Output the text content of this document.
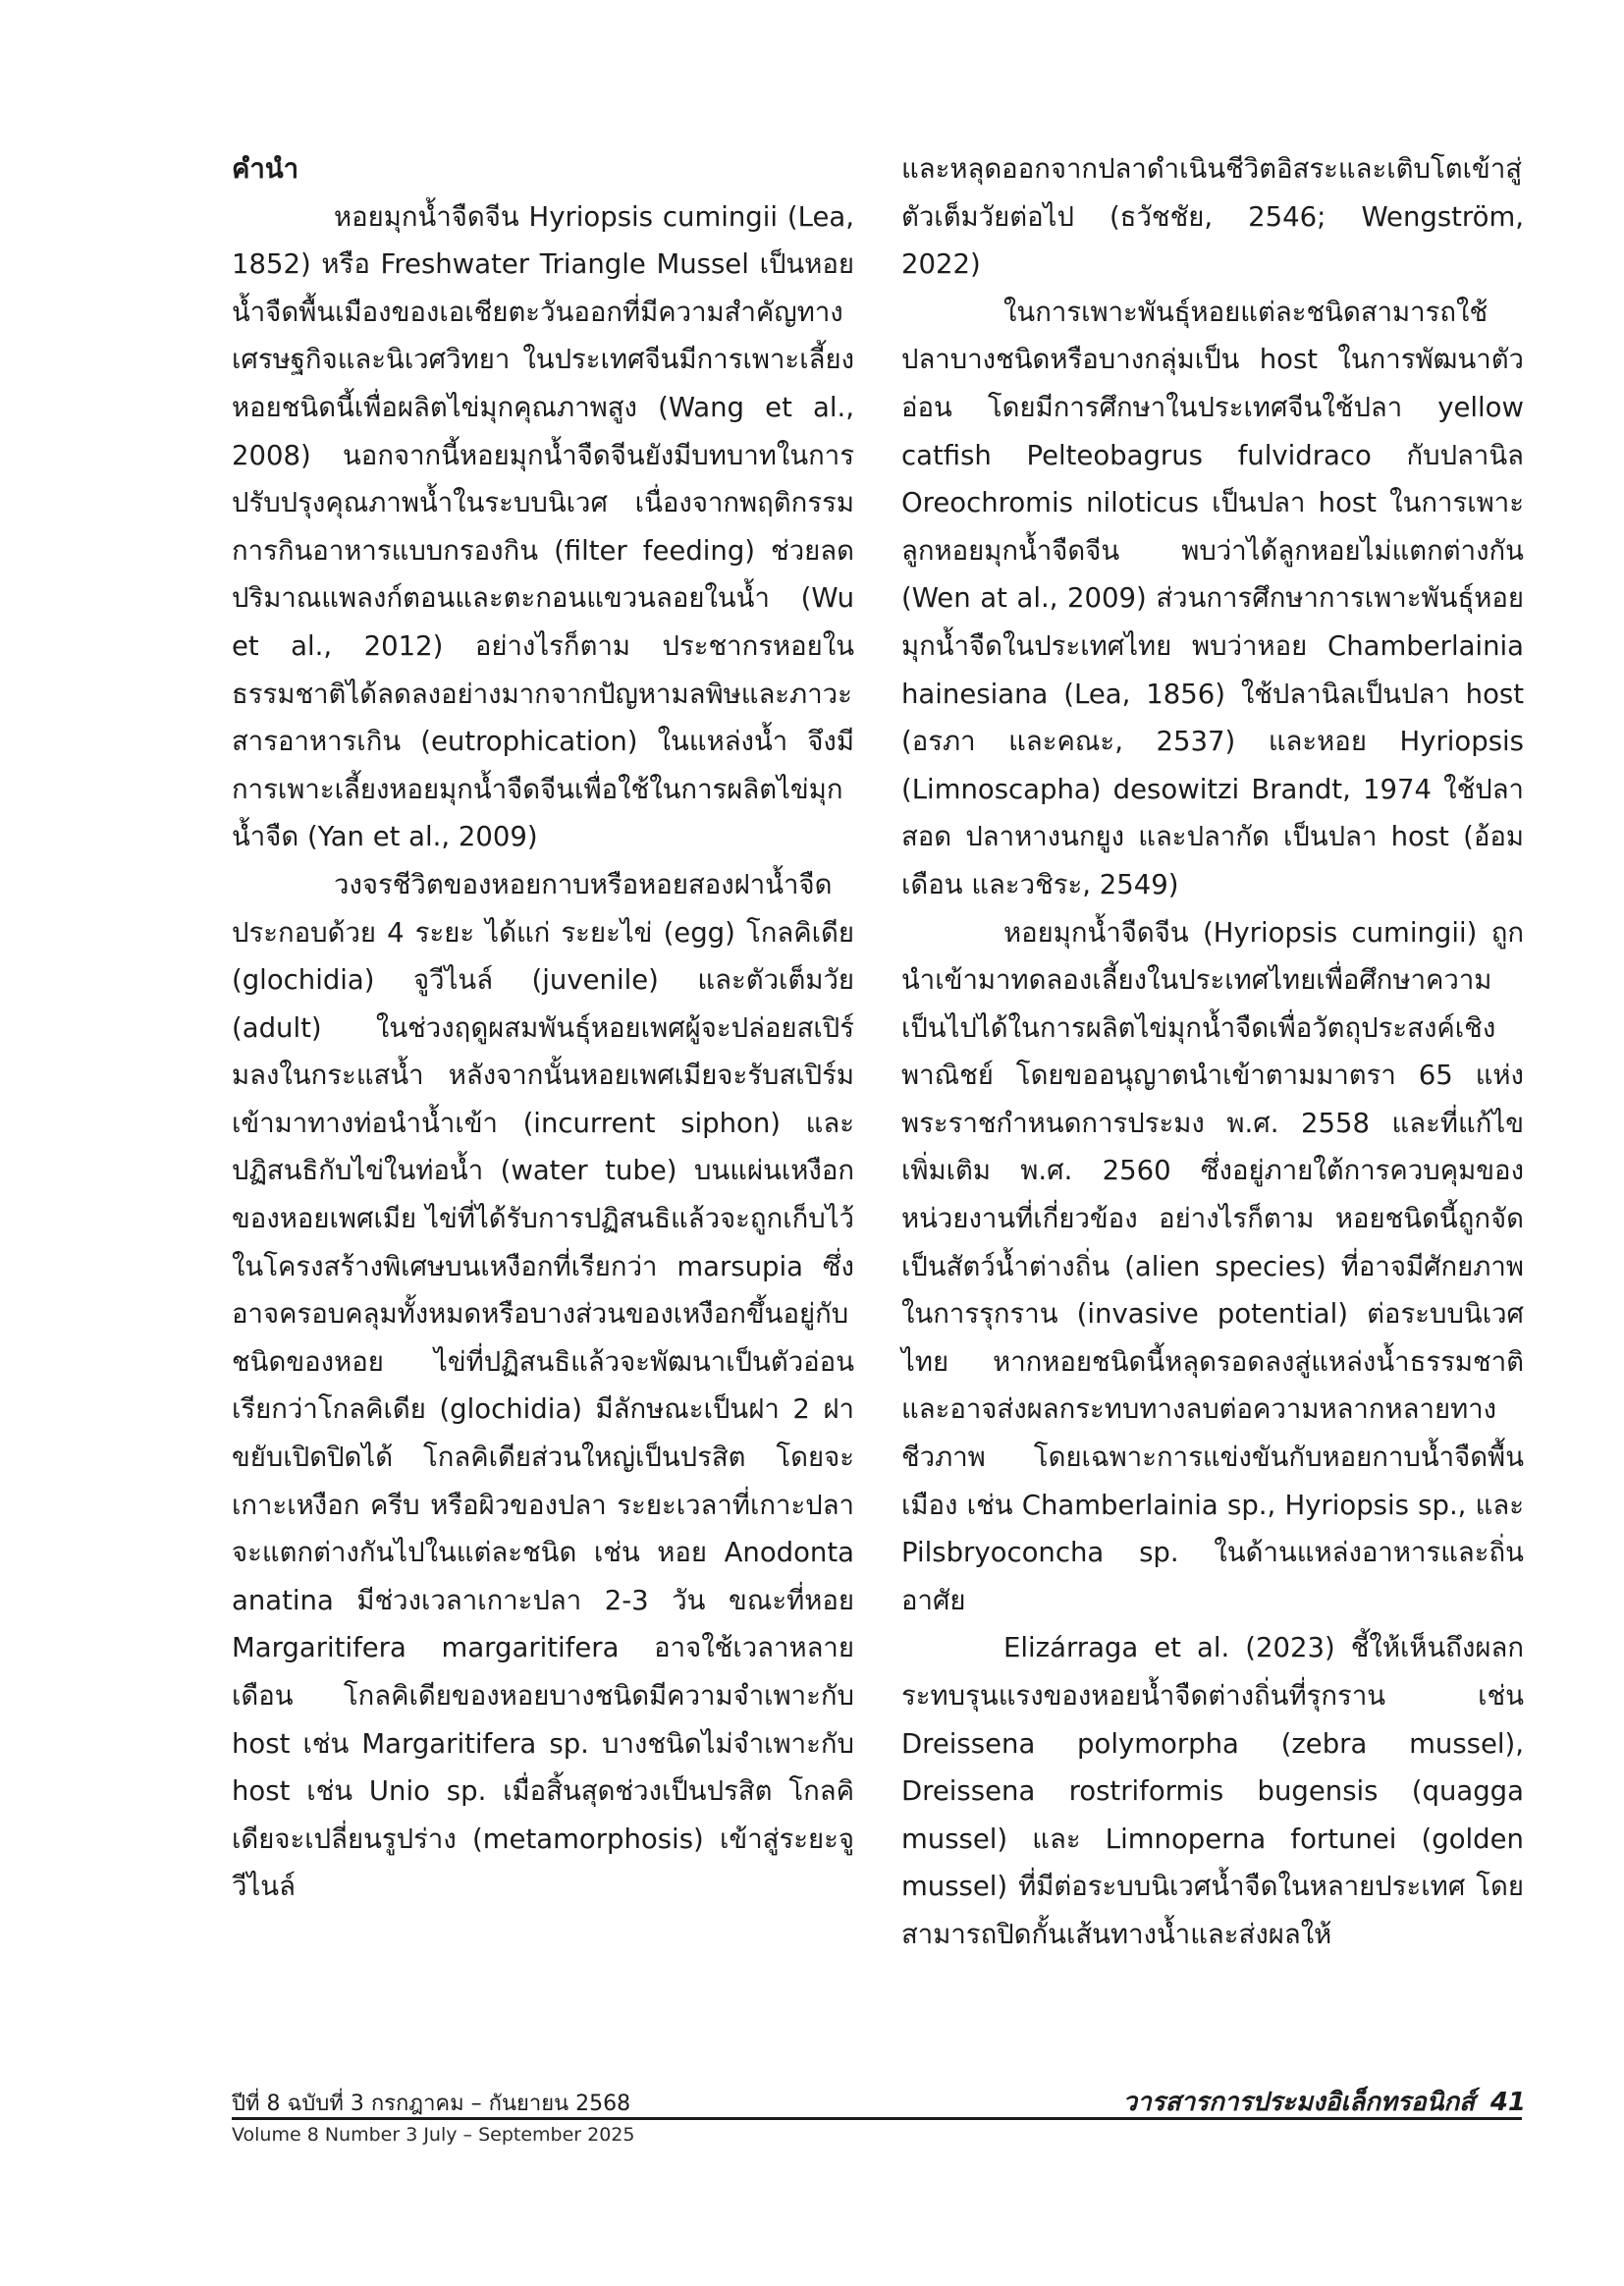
คำนำ

หอยมุกน้ำจืดจีน Hyriopsis cumingii (Lea, 1852) หรือ Freshwater Triangle Mussel เป็นหอยน้ำจืดพื้นเมืองของเอเชียตะวันออกที่มีความสำคัญทางเศรษฐกิจและนิเวศวิทยา ในประเทศจีนมีการเพาะเลี้ยงหอยชนิดนี้เพื่อผลิตไข่มุกคุณภาพสูง (Wang et al., 2008) นอกจากนี้หอยมุกน้ำจืดจีนยังมีบทบาทในการปรับปรุงคุณภาพน้ำในระบบนิเวศ เนื่องจากพฤติกรรมการกินอาหารแบบกรองกิน (filter feeding) ช่วยลดปริมาณแพลงก์ตอนและตะกอนแขวนลอยในน้ำ (Wu et al., 2012) อย่างไรก็ตาม ประชากรหอยในธรรมชาติได้ลดลงอย่างมากจากปัญหามลพิษและภาวะสารอาหารเกิน (eutrophication) ในแหล่งน้ำ จึงมีการเพาะเลี้ยงหอยมุกน้ำจืดจีนเพื่อใช้ในการผลิตไข่มุกน้ำจืด (Yan et al., 2009)

วงจรชีวิตของหอยกาบหรือหอยสองฝาน้ำจืดประกอบด้วย 4 ระยะ ได้แก่ ระยะไข่ (egg) โกลคิเดีย (glochidia) จูวีไนล์ (juvenile) และตัวเต็มวัย (adult) ในช่วงฤดูผสมพันธุ์หอยเพศผู้จะปล่อยสเปิร์มลงในกระแสน้ำ หลังจากนั้นหอยเพศเมียจะรับสเปิร์มเข้ามาทางท่อนำน้ำเข้า (incurrent siphon) และปฏิสนธิกับไข่ในท่อน้ำ (water tube) บนแผ่นเหงือกของหอยเพศเมีย ไข่ที่ได้รับการปฏิสนธิแล้วจะถูกเก็บไว้ในโครงสร้างพิเศษบนเหงือกที่เรียกว่า marsupia ซึ่งอาจครอบคลุมทั้งหมดหรือบางส่วนของเหงือกขึ้นอยู่กับชนิดของหอย ไข่ที่ปฏิสนธิแล้วจะพัฒนาเป็นตัวอ่อนเรียกว่าโกลคิเดีย (glochidia) มีลักษณะเป็นฝา 2 ฝา ขยับเปิดปิดได้ โกลคิเดียส่วนใหญ่เป็นปรสิต โดยจะเกาะเหงือก ครีบ หรือผิวของปลา ระยะเวลาที่เกาะปลาจะแตกต่างกันไปในแต่ละชนิด เช่น หอย Anodonta anatina มีช่วงเวลาเกาะปลา 2-3 วัน ขณะที่หอย Margaritifera margaritifera อาจใช้เวลาหลายเดือน โกลคิเดียของหอยบางชนิดมีความจำเพาะกับ host เช่น Margaritifera sp. บางชนิดไม่จำเพาะกับ host เช่น Unio sp. เมื่อสิ้นสุดช่วงเป็นปรสิต โกลคิเดียจะเปลี่ยนรูปร่าง (metamorphosis) เข้าสู่ระยะจูวีไนล์

และหลุดออกจากปลาดำเนินชีวิตอิสระและเติบโตเข้าสู่ตัวเต็มวัยต่อไป (ธวัชชัย, 2546; Wengström, 2022)

ในการเพาะพันธุ์หอยแต่ละชนิดสามารถใช้ปลาบางชนิดหรือบางกลุ่มเป็น host ในการพัฒนาตัวอ่อน โดยมีการศึกษาในประเทศจีนใช้ปลา yellow catfish Pelteobagrus fulvidraco กับปลานิล Oreochromis niloticus เป็นปลา host ในการเพาะลูกหอยมุกน้ำจืดจีน พบว่าได้ลูกหอยไม่แตกต่างกัน (Wen at al., 2009) ส่วนการศึกษาการเพาะพันธุ์หอยมุกน้ำจืดในประเทศไทย พบว่าหอย Chamberlainia hainesiana (Lea, 1856) ใช้ปลานิลเป็นปลา host (อรภา และคณะ, 2537) และหอย Hyriopsis (Limnoscapha) desowitzi Brandt, 1974 ใช้ปลาสอด ปลาหางนกยูง และปลากัด เป็นปลา host (อ้อมเดือน และวชิระ, 2549)

หอยมุกน้ำจืดจีน (Hyriopsis cumingii) ถูกนำเข้ามาทดลองเลี้ยงในประเทศไทยเพื่อศึกษาความเป็นไปได้ในการผลิตไข่มุกน้ำจืดเพื่อวัตถุประสงค์เชิงพาณิชย์ โดยขออนุญาตนำเข้าตามมาตรา 65 แห่งพระราชกำหนดการประมง พ.ศ. 2558 และที่แก้ไขเพิ่มเติม พ.ศ. 2560 ซึ่งอยู่ภายใต้การควบคุมของหน่วยงานที่เกี่ยวข้อง อย่างไรก็ตาม หอยชนิดนี้ถูกจัดเป็นสัตว์น้ำต่างถิ่น (alien species) ที่อาจมีศักยภาพในการรุกราน (invasive potential) ต่อระบบนิเวศไทย หากหอยชนิดนี้หลุดรอดลงสู่แหล่งน้ำธรรมชาติ และอาจส่งผลกระทบทางลบต่อความหลากหลายทางชีวภาพ โดยเฉพาะการแข่งขันกับหอยกาบน้ำจืดพื้นเมือง เช่น Chamberlainia sp., Hyriopsis sp., และ Pilsbryoconcha sp. ในด้านแหล่งอาหารและถิ่นอาศัย

Elizárraga et al. (2023) ชี้ให้เห็นถึงผลกระทบรุนแรงของหอยน้ำจืดต่างถิ่นที่รุกราน เช่น Dreissena polymorpha (zebra mussel), Dreissena rostriformis bugensis (quagga mussel) และ Limnoperna fortunei (golden mussel) ที่มีต่อระบบนิเวศน้ำจืดในหลายประเทศ โดยสามารถปิดกั้นเส้นทางน้ำและส่งผลให้

ปีที่ 8 ฉบับที่ 3 กรกฎาคม – กันยายน 2568
Volume 8 Number 3 July – September 2025
วารสารการประมงอิเล็กทรอนิกส์ 41
